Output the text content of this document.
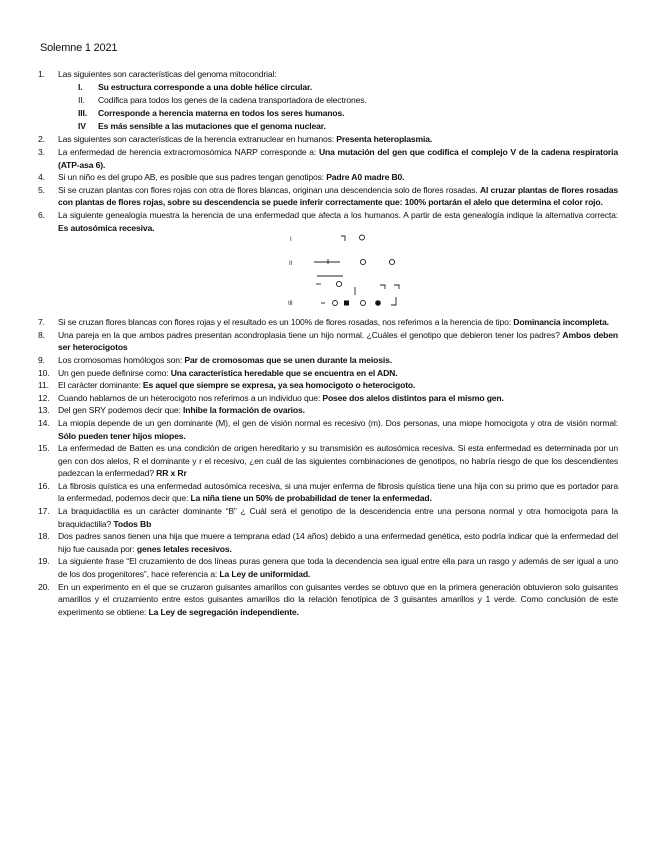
Solemne 1 2021
1.	Las siguientes son características del genoma mitocondrial:
I.	Su estructura corresponde a una doble hélice circular.
II.	Codifica para todos los genes de la cadena transportadora de electrones.
III.	Corresponde a herencia materna en todos los seres humanos.
IV	Es más sensible a las mutaciones que el genoma nuclear.
2.	Las siguientes son características de la herencia extranuclear en humanos: Presenta heteroplasmia.
3.	La enfermedad de herencia extracromosómica NARP corresponde a: Una mutación del gen que codifica el complejo V de la cadena respiratoria (ATP-asa 6).
4.	Si un niño es del grupo AB, es posible que sus padres tengan genotipos: Padre A0 madre B0.
5.	Si se cruzan plantas con flores rojas con otra de flores blancas, originan una descendencia solo de flores rosadas. Al cruzar plantas de flores rosadas con plantas de flores rojas, sobre su descendencia se puede inferir correctamente que: 100% portarán el alelo que determina el color rojo.
6.	La siguiente genealogía muestra la herencia de una enfermedad que afecta a los humanos. A partir de esta genealogía indique la alternativa correcta: Es autosómica recesiva.
I
II
III
7.	Si se cruzan flores blancas con flores rojas y el resultado es un 100% de flores rosadas, nos referimos a la herencia de tipo: Dominancia incompleta.
8.	Una pareja en la que ambos padres presentan acondroplasia tiene un hijo normal. ¿Cuáles el genotipo que debieron tener los padres? Ambos deben ser heterocigotos
9.	Los cromosomas homólogos son: Par de cromosomas que se unen durante la meiosis.
10. Un gen puede definirse como: Una característica heredable que se encuentra en el ADN.
11.	El carácter dominante: Es aquel que siempre se expresa, ya sea homocigoto o heterocigoto.
12. Cuando hablamos de un heterocigoto nos referimos a un individuo que: Posee dos alelos distintos para el mismo gen.
13. Del gen SRY podemos decir que: Inhibe la formación de ovarios.
14. La miopía depende de un gen dominante (M), el gen de visión normal es recesivo (m). Dos personas, una miope homocigota y otra de visión normal: Sólo pueden tener hijos miopes.
15. La enfermedad de Batten es una condición de origen hereditario y su transmisión es autosómica recesiva. Si esta enfermedad es determinada por un gen con dos alelos, R el dominante y r el recesivo, ¿en cuál de las siguientes combinaciones de genotipos, no habría riesgo de que los descendientes padezcan la enfermedad? RR x Rr
16. La fibrosis quística es una enfermedad autosómica recesiva, si una mujer enferma de fibrosis quística tiene una hija con su primo que es portador para la enfermedad, podemos decir que: La niña tiene un 50% de probabilidad de tener la enfermedad.
17. La braquidactilia es un carácter dominante “B” ¿ Cuál será el genotipo de la descendencia entre una persona normal y otra homocigota para la braquidactilia? Todos Bb
18. Dos padres sanos tienen una hija que muere a temprana edad (14 años) debido a una enfermedad genética, esto podría indicar que la enfermedad del hijo fue causada por: genes letales recesivos.
19. La siguiente frase “El cruzamiento de dos líneas puras genera que toda la decendencia sea igual entre ella para un rasgo y además de ser igual a uno de los dos progenitores”, hace referencia a: La Ley de uniformidad.
20. En un experimento en el que se cruzaron guisantes amarillos con guisantes verdes se obtuvo que en la primera generación obtuvieron solo guisantes amarillos y el cruzamiento entre estos guisantes amarillos dio la relación fenotípica de 3 guisantes amarillos y 1 verde. Como conclusión de este experimento se obtiene: La Ley de segregación independiente.
